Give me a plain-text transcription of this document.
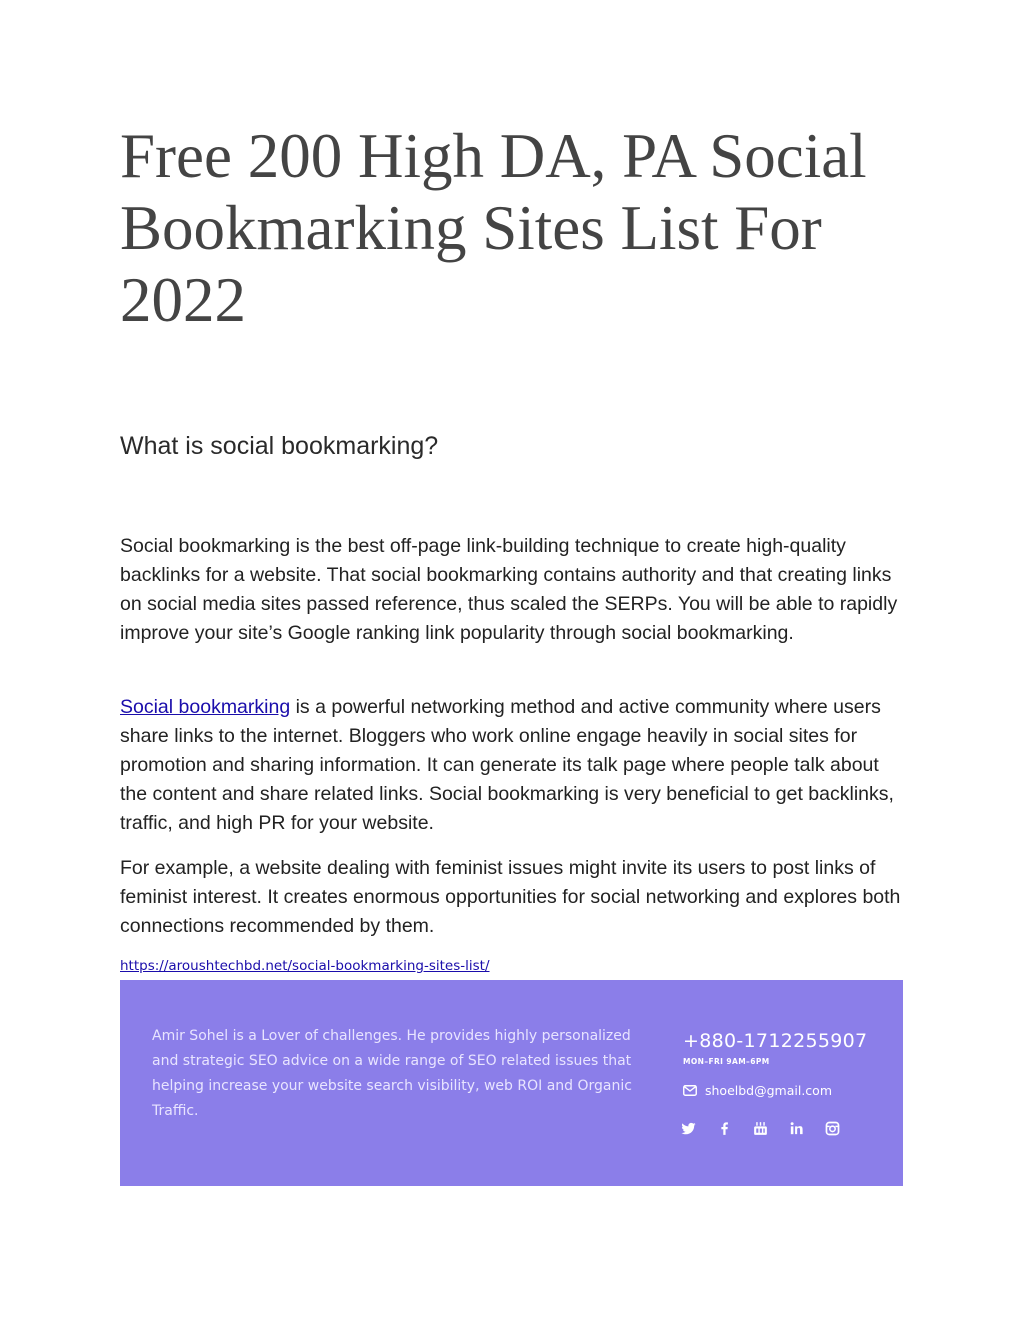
Free 200 High DA, PA Social Bookmarking Sites List For 2022
What is social bookmarking?

Social bookmarking is the best off-page link-building technique to create high-quality backlinks for a website. That social bookmarking contains authority and that creating links on social media sites passed reference, thus scaled the SERPs. You will be able to rapidly improve your site’s Google ranking link popularity through social bookmarking.

Social bookmarking is a powerful networking method and active community where users share links to the internet. Bloggers who work online engage heavily in social sites for promotion and sharing information. It can generate its talk page where people talk about the content and share related links. Social bookmarking is very beneficial to get backlinks, traffic, and high PR for your website.

For example, a website dealing with feminist issues might invite its users to post links of feminist interest. It creates enormous opportunities for social networking and explores both connections recommended by them.

https://aroushtechbd.net/social-bookmarking-sites-list/

Amir Sohel is a Lover of challenges. He provides highly personalized and strategic SEO advice on a wide range of SEO related issues that helping increase your website search visibility, web ROI and Organic Traffic.

+880-1712255907
MON–FRI 9AM–6PM
shoelbd@gmail.com
